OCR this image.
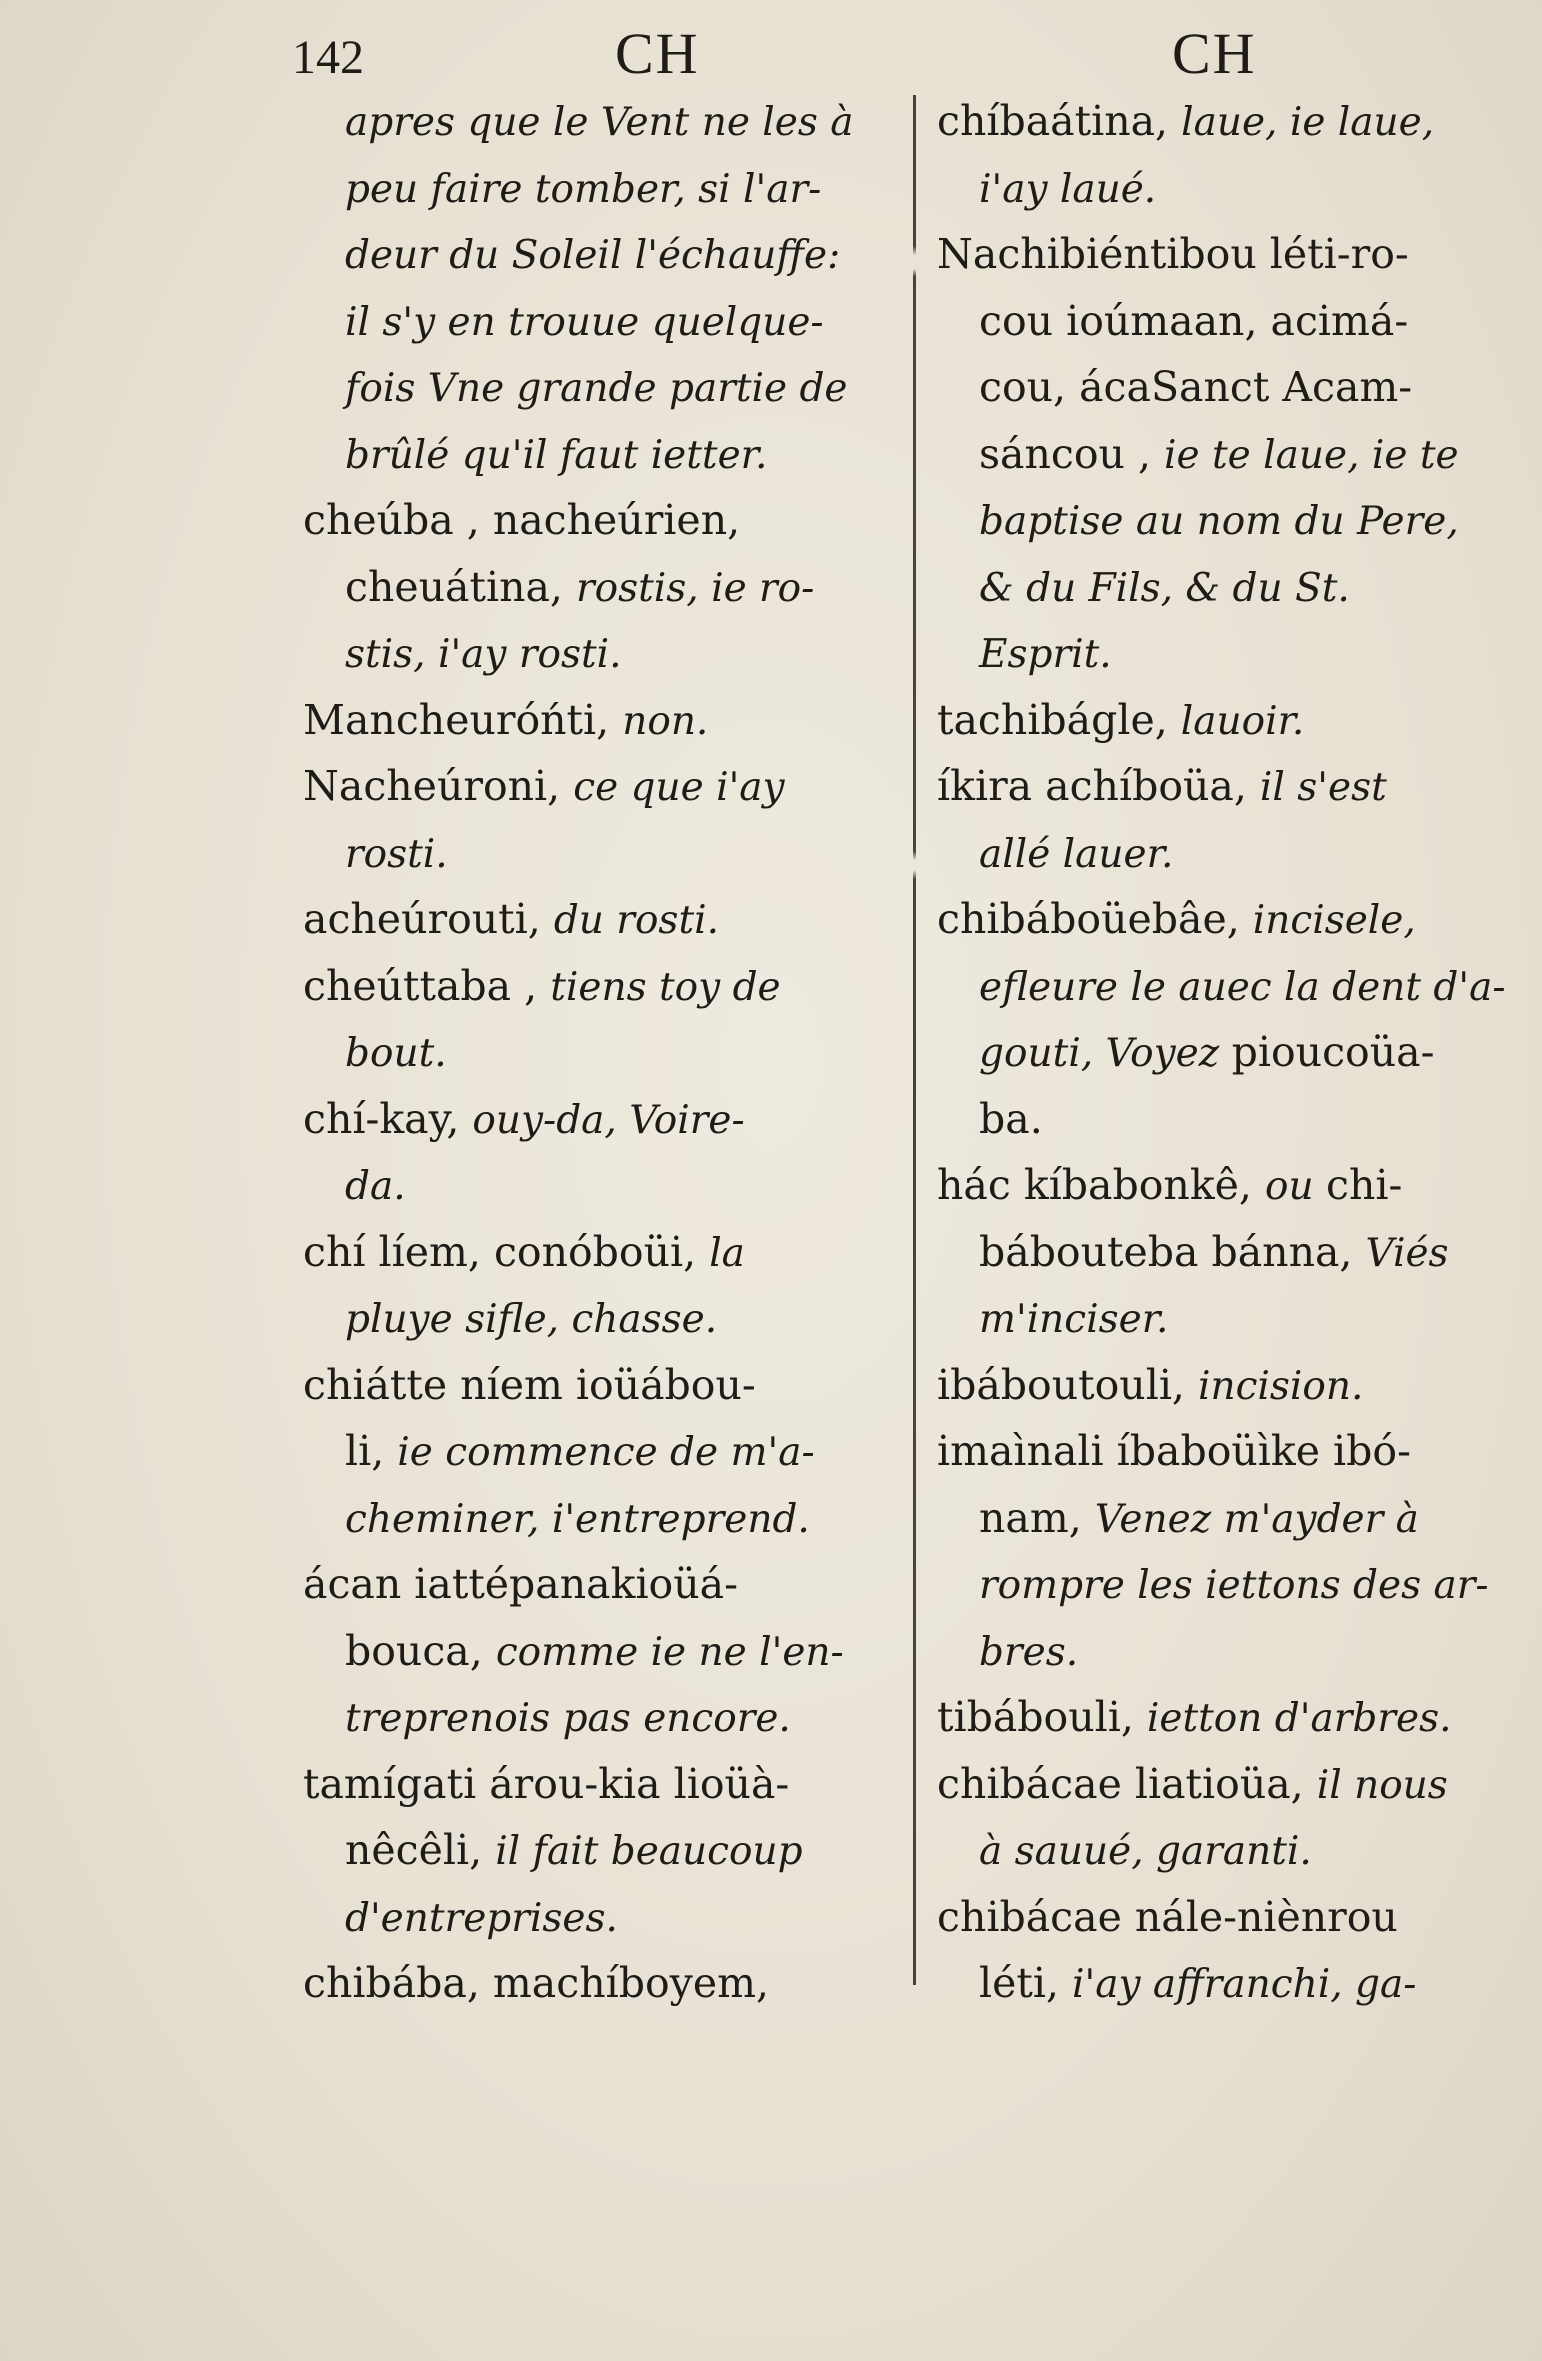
142	CH	CH
apres que le Vent ne les à
peu faire tomber, si l'ar-
deur du Soleil l'échauffe:
il s'y en trouue quelque-
fois Vne grande partie de
brûlé qu'il faut ietter.
cheúba , nacheúrien,
cheuátina, rostis, ie ro-
stis, i'ay rosti.
Mancheuróńti, non.
Nacheúroni, ce que i'ay
rosti.
acheúrouti, du rosti.
cheúttaba , tiens toy de
bout.
chí-kay, ouy-da, Voire-
da.
chí líem, conóboüi, la
pluye sifle, chasse.
chiátte níem ioüábou-
li, ie commence de m'a-
cheminer, i'entreprend.
ácan iattépanakioüá-
bouca, comme ie ne l'en-
treprenois pas encore.
tamígati árou-kia lioüà-
nêcêli, il fait beaucoup
d'entreprises.
chibába, machíboyem,
chíbaátina, laue, ie laue,
i'ay laué.
Nachibiéntibou léti-ro-
cou ioúmaan, acimá-
cou, ácaSanct Acam-
sáncou , ie te laue, ie te
baptise au nom du Pere,
& du Fils, & du St.
Esprit.
tachibágle, lauoir.
íkira achíboüa, il s'est
allé lauer.
chibáboüebâe, incisele,
efleure le auec la dent d'a-
gouti, Voyez pioucoüa-
ba.
hác kíbabonkê, ou chi-
bábouteba bánna, Viés
m'inciser.
ibáboutouli, incision.
imaìnali íbaboüìke ibó-
nam, Venez m'ayder à
rompre les iettons des ar-
bres.
tibábouli, ietton d'arbres.
chibácae liatioüa, il nous
à sauué, garanti.
chibácae nále-niènrou
léti, i'ay affranchi, ga-
